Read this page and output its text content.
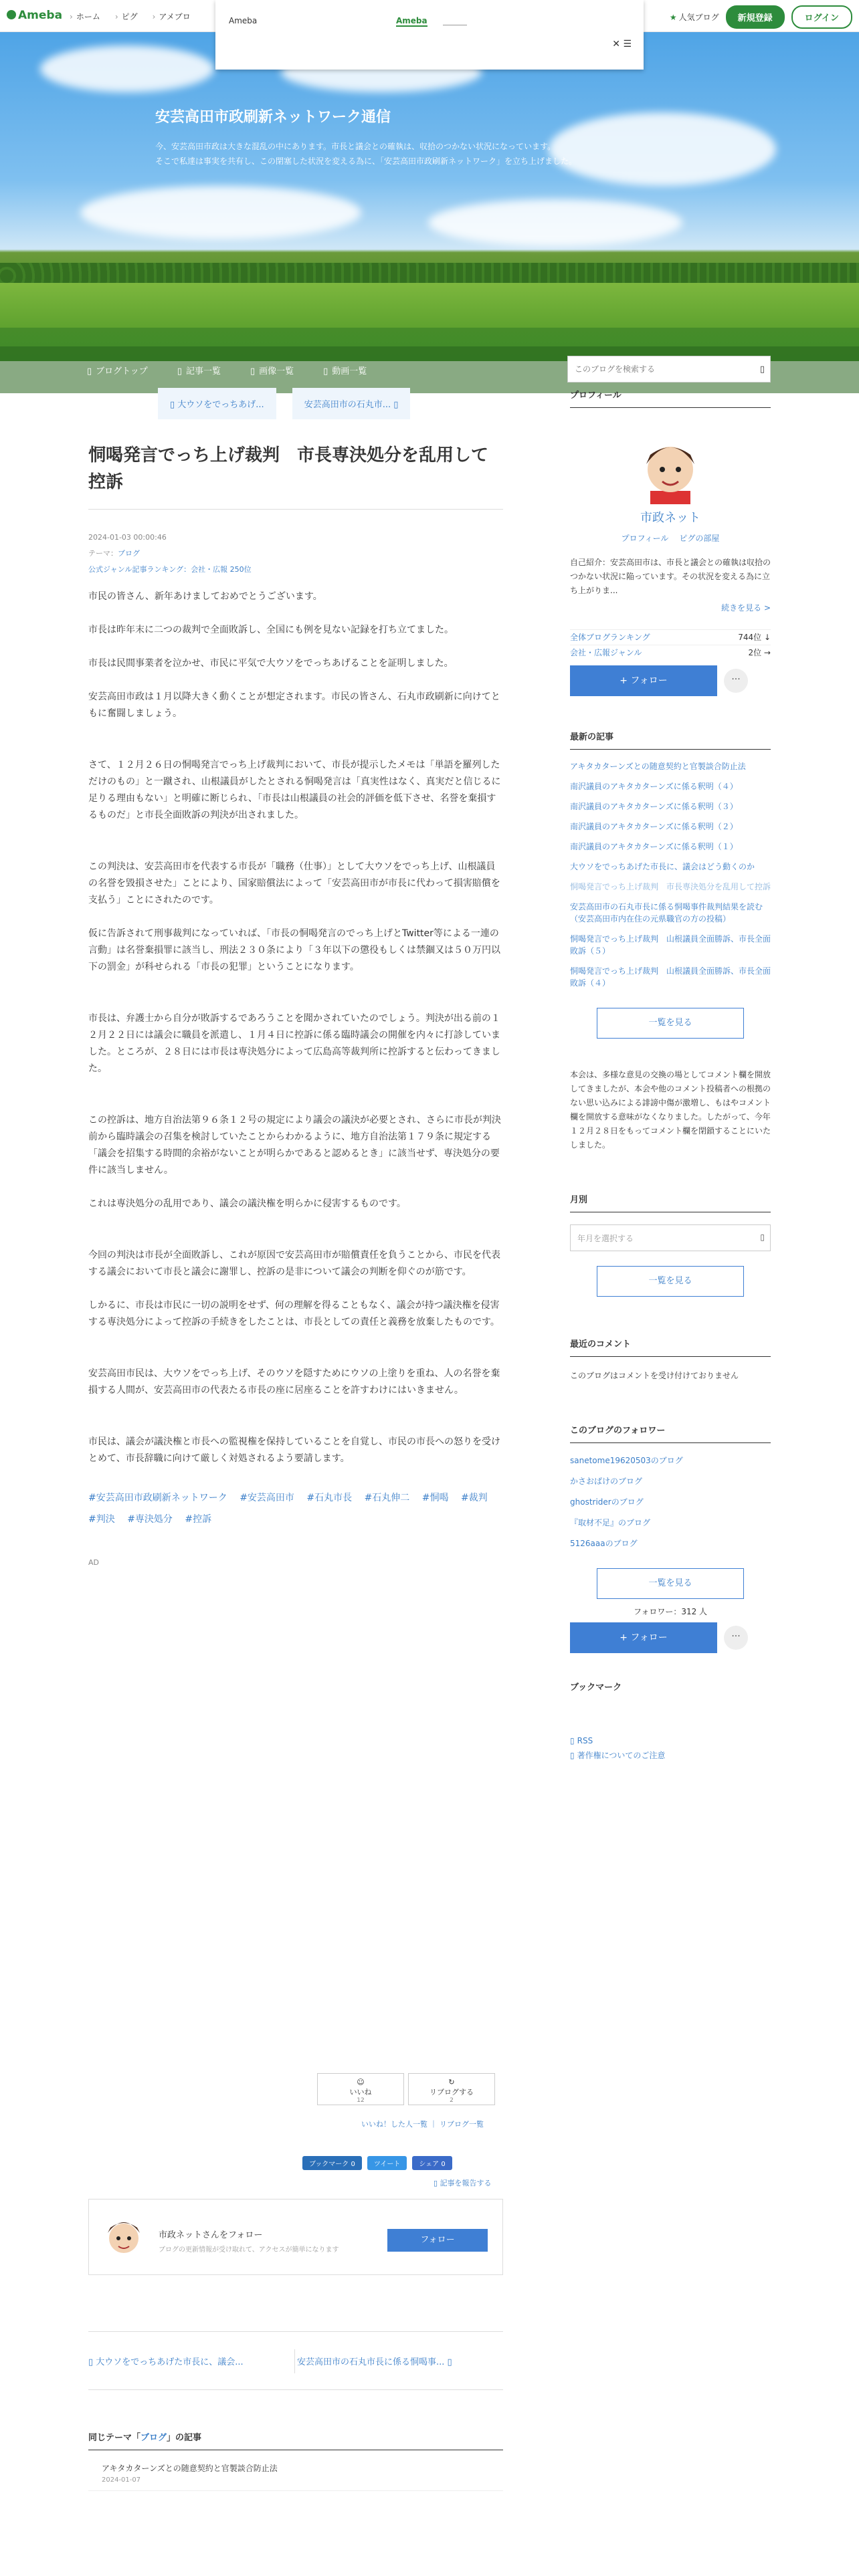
Ameba	› ホーム	› ピグ	› アメブロ	Ameba	Ameba
✕ ☰
★ 人気ブログ	新規登録	ログイン
安芸高田市政刷新ネットワーク通信
今、安芸高田市政は大きな混乱の中にあります。市長と議会との確執は、収拾のつかない状況になっています。
そこで私達は事実を共有し、この閉塞した状況を変える為に、「安芸高田市政刷新ネットワーク」を立ち上げました。
▯ ブログトップ	▯ 記事一覧	▯ 画像一覧	▯ 動画一覧
このブログを検索する	▯
▯ 大ウソをでっちあげ...	安芸高田市の石丸市... ▯
恫喝発言でっち上げ裁判　市長専決処分を乱用して控訴
2024-01-03 00:00:46
テーマ：ブログ
公式ジャンル記事ランキング：会社・広報 250位

市民の皆さん、新年あけましておめでとうございます。

市長は昨年末に二つの裁判で全面敗訴し、全国にも例を見ない記録を打ち立てました。

市長は民間事業者を泣かせ、市民に平気で大ウソをでっちあげることを証明しました。

安芸高田市政は１月以降大きく動くことが想定されます。市民の皆さん、石丸市政刷新に向けてともに奮闘しましょう。

さて、１２月２６日の恫喝発言でっち上げ裁判において、市長が提示したメモは「単語を羅列しただけのもの」と一蹴され、山根議員がしたとされる恫喝発言は「真実性はなく、真実だと信じるに足りる理由もない」と明確に断じられ、「市長は山根議員の社会的評価を低下させ、名誉を棄損するものだ」と市長全面敗訴の判決が出されました。

この判決は、安芸高田市を代表する市長が「職務（仕事）」として大ウソをでっち上げ、山根議員の名誉を毀損させた」ことにより、国家賠償法によって「安芸高田市が市長に代わって損害賠償を支払う」ことにされたのです。

仮に告訴されて刑事裁判になっていれば、「市長の恫喝発言のでっち上げとTwitter等による一連の言動」は名誉棄損罪に該当し、刑法２３０条により「３年以下の懲役もしくは禁錮又は５０万円以下の罰金」が科せられる「市長の犯罪」ということになります。

市長は、弁護士から自分が敗訴するであろうことを聞かされていたのでしょう。判決が出る前の１２月２２日には議会に職員を派遣し、１月４日に控訴に係る臨時議会の開催を内々に打診していました。ところが、２８日には市長は専決処分によって広島高等裁判所に控訴すると伝わってきました。

この控訴は、地方自治法第９６条１２号の規定により議会の議決が必要とされ、さらに市長が判決前から臨時議会の召集を検討していたことからわかるように、地方自治法第１７９条に規定する「議会を招集する時間的余裕がないことが明らかであると認めるとき」に該当せず、専決処分の要件に該当しません。

これは専決処分の乱用であり、議会の議決権を明らかに侵害するものです。

今回の判決は市長が全面敗訴し、これが原因で安芸高田市が賠償責任を負うことから、市民を代表する議会において市長と議会に謝罪し、控訴の是非について議会の判断を仰ぐのが筋です。

しかるに、市長は市民に一切の説明をせず、何の理解を得ることもなく、議会が持つ議決権を侵害する専決処分によって控訴の手続きをしたことは、市長としての責任と義務を放棄したものです。

安芸高田市民は、大ウソをでっち上げ、そのウソを隠すためにウソの上塗りを重ね、人の名誉を棄損する人間が、安芸高田市の代表たる市長の座に居座ることを許すわけにはいきません。

市民は、議会が議決権と市長への監視権を保持していることを自覚し、市民の市長への怒りを受けとめて、市長辞職に向けて厳しく対処されるよう要請します。

#安芸高田市政刷新ネットワーク #安芸高田市 #石丸市長 #石丸伸二 #恫喝 #裁判 #判決 #専決処分 #控訴
AD
☺
いいね
12
↻
リブログする
2
いいね！した人一覧 ｜ リブログ一覧
ブックマーク 0	ツイート	シェア 0
▯ 記事を報告する
市政ネットさんをフォロー
ブログの更新情報が受け取れて、アクセスが簡単になります
フォロー
▯ 大ウソをでっちあげた市長に、議会...	安芸高田市の石丸市長に係る恫喝事... ▯
同じテーマ「ブログ」の記事
アキタカターンズとの随意契約と官製談合防止法
2024-01-07
プロフィール
市政ネット
プロフィール ピグの部屋
自己紹介：安芸高田市は、市長と議会との確執は収拾のつかない状況に陥っています。その状況を変える為に立ち上がりま...
続きを見る >
全体ブログランキング	744位 ↓
会社・広報ジャンル	2位 →
+ フォロー	···
最新の記事
アキタカターンズとの随意契約と官製談合防止法
南沢議員のアキタカターンズに係る釈明（４）
南沢議員のアキタカターンズに係る釈明（３）
南沢議員のアキタカターンズに係る釈明（２）
南沢議員のアキタカターンズに係る釈明（１）
大ウソをでっちあげた市長に、議会はどう動くのか
恫喝発言でっち上げ裁判　市長専決処分を乱用して控訴
安芸高田市の石丸市長に係る恫喝事件裁判結果を読む（安芸高田市内在住の元県職官の方の投稿）
恫喝発言でっち上げ裁判　山根議員全面勝訴、市長全面敗訴（５）
恫喝発言でっち上げ裁判　山根議員全面勝訴、市長全面敗訴（４）
一覧を見る
本会は、多様な意見の交換の場としてコメント欄を開放してきましたが、本会や他のコメント投稿者への根拠のない思い込みによる誹謗中傷が激増し、もはやコメント欄を開放する意味がなくなりました。したがって、今年１２月２８日をもってコメント欄を閉鎖することにいたしました。
月別
年月を選択する ▯
一覧を見る
最近のコメント

このブログはコメントを受け付けておりません

このブログのフォロワー
sanetome19620503のブログ
かさおばけのブログ
ghostriderのブログ
『取材不足』のブログ
5126aaaのブログ
一覧を見る
フォロワー：312 人
+ フォロー	···
ブックマーク
▯ RSS
▯ 著作権についてのご注意
